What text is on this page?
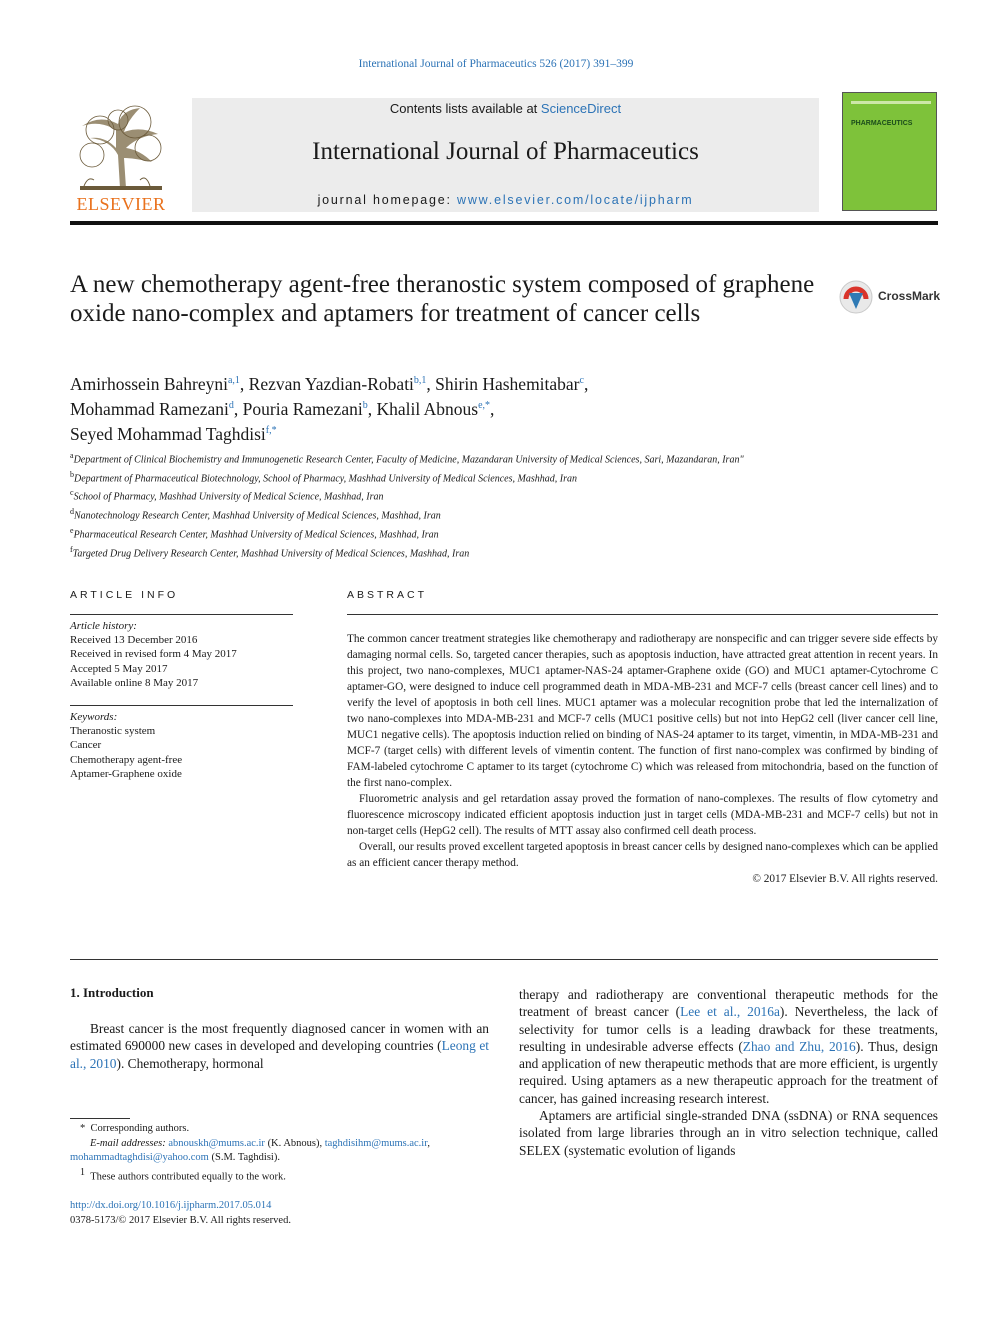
International Journal of Pharmaceutics 526 (2017) 391–399
ELSEVIER
Contents lists available at ScienceDirect
International Journal of Pharmaceutics
journal homepage: www.elsevier.com/locate/ijpharm
PHARMACEUTICS
A new chemotherapy agent-free theranostic system composed of graphene oxide nano-complex and aptamers for treatment of cancer cells
CrossMark
Amirhossein Bahreyni$^{a,1}$, Rezvan Yazdian-Robati$^{b,1}$, Shirin Hashemitabar$^c$,
Mohammad Ramezani$^d$, Pouria Ramezani$^b$, Khalil Abnous$^{e,*}$,
Seyed Mohammad Taghdisi$^{f,*}$
$^a$Department of Clinical Biochemistry and Immunogenetic Research Center, Faculty of Medicine, Mazandaran University of Medical Sciences, Sari, Mazandaran, Iran"
$^b$Department of Pharmaceutical Biotechnology, School of Pharmacy, Mashhad University of Medical Sciences, Mashhad, Iran
$^c$School of Pharmacy, Mashhad University of Medical Science, Mashhad, Iran
$^d$Nanotechnology Research Center, Mashhad University of Medical Sciences, Mashhad, Iran
$^e$Pharmaceutical Research Center, Mashhad University of Medical Sciences, Mashhad, Iran
$^f$Targeted Drug Delivery Research Center, Mashhad University of Medical Sciences, Mashhad, Iran
ARTICLE INFO	ABSTRACT
Article history:
Received 13 December 2016
Received in revised form 4 May 2017
Accepted 5 May 2017
Available online 8 May 2017
Keywords:
Theranostic system
Cancer
Chemotherapy agent-free
Aptamer-Graphene oxide

The common cancer treatment strategies like chemotherapy and radiotherapy are nonspecific and can trigger severe side effects by damaging normal cells. So, targeted cancer therapies, such as apoptosis induction, have attracted great attention in recent years. In this project, two nano-complexes, MUC1 aptamer-NAS-24 aptamer-Graphene oxide (GO) and MUC1 aptamer-Cytochrome C aptamer-GO, were designed to induce cell programmed death in MDA-MB-231 and MCF-7 cells (breast cancer cell lines) and to verify the level of apoptosis in both cell lines. MUC1 aptamer was a molecular recognition probe that led the internalization of two nano-complexes into MDA-MB-231 and MCF-7 cells (MUC1 positive cells) but not into HepG2 cell (liver cancer cell line, MUC1 negative cells). The apoptosis induction relied on binding of NAS-24 aptamer to its target, vimentin, in MDA-MB-231 and MCF-7 (target cells) with different levels of vimentin content. The function of first nano-complex was confirmed by binding of FAM-labeled cytochrome C aptamer to its target (cytochrome C) which was released from mitochondria, based on the function of the first nano-complex.

Fluorometric analysis and gel retardation assay proved the formation of nano-complexes. The results of flow cytometry and fluorescence microscopy indicated efficient apoptosis induction just in target cells (MDA-MB-231 and MCF-7 cells) but not in non-target cells (HepG2 cell). The results of MTT assay also confirmed cell death process.

Overall, our results proved excellent targeted apoptosis in breast cancer cells by designed nano-complexes which can be applied as an efficient cancer therapy method.

© 2017 Elsevier B.V. All rights reserved.

1. Introduction
Breast cancer is the most frequently diagnosed cancer in women with an estimated 690000 new cases in developed and developing countries (Leong et al., 2010). Chemotherapy, hormonal

therapy and radiotherapy are conventional therapeutic methods for the treatment of breast cancer (Lee et al., 2016a). Nevertheless, the lack of selectivity for tumor cells is a leading drawback for these treatments, resulting in undesirable adverse effects (Zhao and Zhu, 2016). Thus, design and application of new therapeutic methods that are more efficient, is urgently required. Using aptamers as a new therapeutic approach for the treatment of cancer, has gained increasing research interest.

Aptamers are artificial single-stranded DNA (ssDNA) or RNA sequences isolated from large libraries through an in vitro selection technique, called SELEX (systematic evolution of ligands

*  Corresponding authors.
E-mail addresses: abnouskh@mums.ac.ir (K. Abnous), taghdisihm@mums.ac.ir,
mohammadtaghdisi@yahoo.com (S.M. Taghdisi).
$^1$ These authors contributed equally to the work.
http://dx.doi.org/10.1016/j.ijpharm.2017.05.014
0378-5173/© 2017 Elsevier B.V. All rights reserved.
